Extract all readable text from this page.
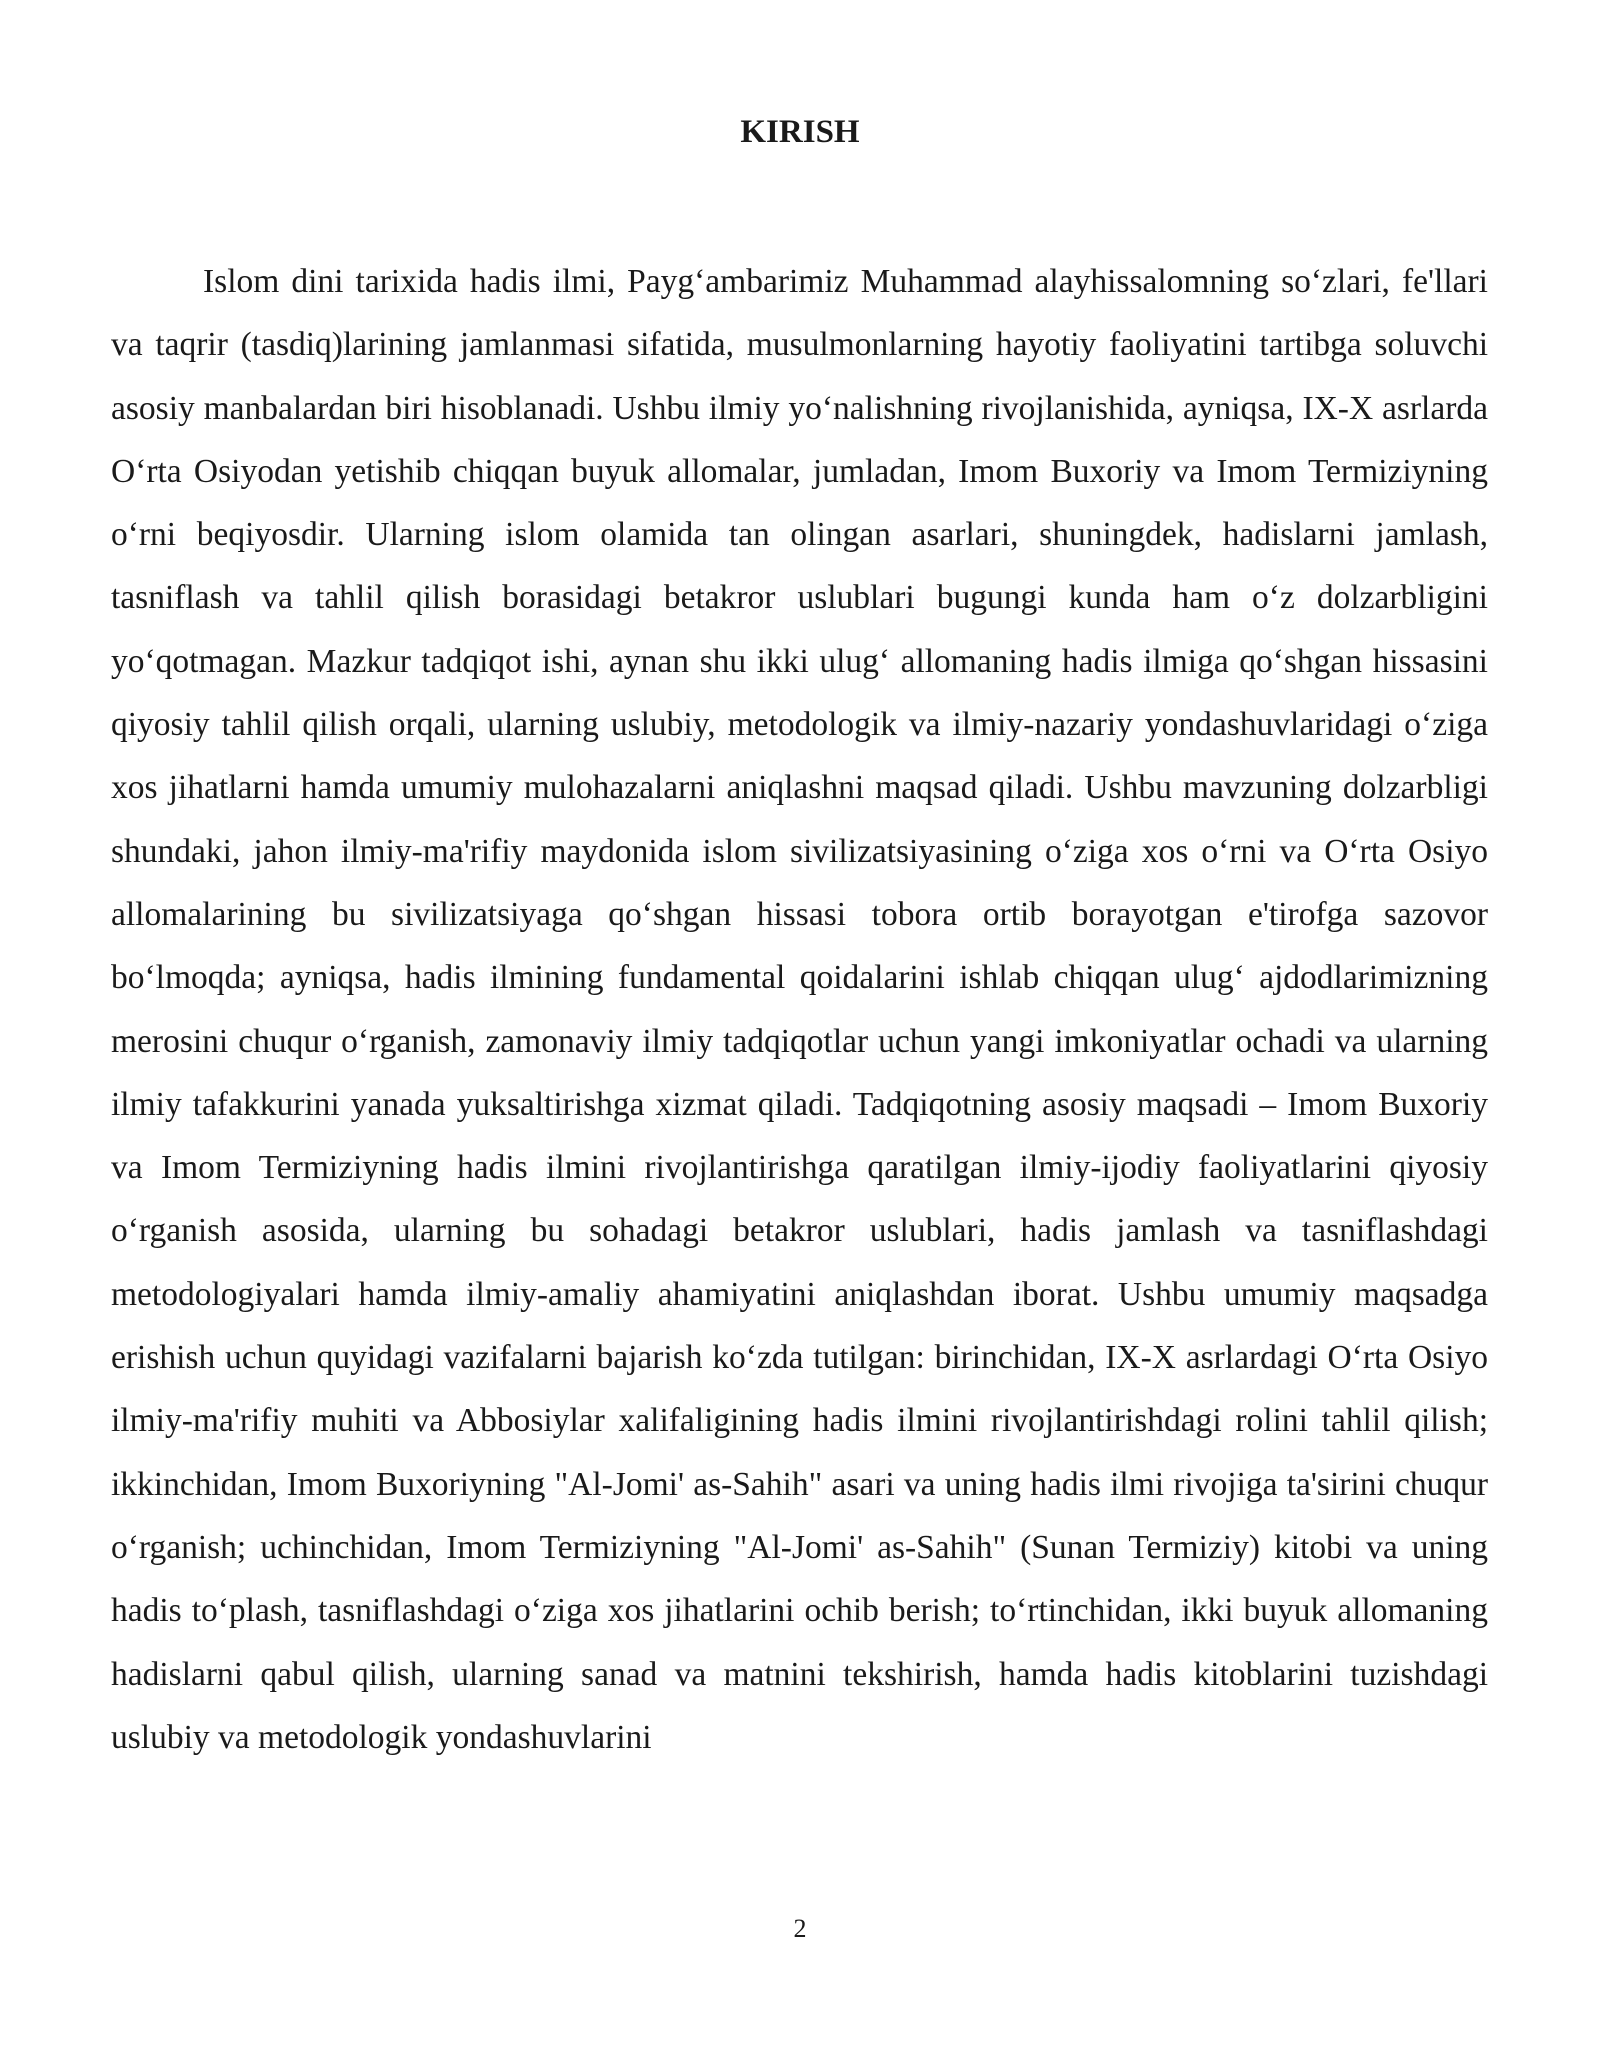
KIRISH

Islom dini tarixida hadis ilmi, Payg‘ambarimiz Muhammad alayhissalomning so‘zlari, fe'llari va taqrir (tasdiq)larining jamlanmasi sifatida, musulmonlarning hayotiy faoliyatini tartibga soluvchi asosiy manbalardan biri hisoblanadi. Ushbu ilmiy yo‘nalishning rivojlanishida, ayniqsa, IX-X asrlarda O‘rta Osiyodan yetishib chiqqan buyuk allomalar, jumladan, Imom Buxoriy va Imom Termiziyning o‘rni beqiyosdir. Ularning islom olamida tan olingan asarlari, shuningdek, hadislarni jamlash, tasniflash va tahlil qilish borasidagi betakror uslublari bugungi kunda ham o‘z dolzarbligini yo‘qotmagan. Mazkur tadqiqot ishi, aynan shu ikki ulug‘ allomaning hadis ilmiga qo‘shgan hissasini qiyosiy tahlil qilish orqali, ularning uslubiy, metodologik va ilmiy-nazariy yondashuvlaridagi o‘ziga xos jihatlarni hamda umumiy mulohazalarni aniqlashni maqsad qiladi. Ushbu mavzuning dolzarbligi shundaki, jahon ilmiy-ma'rifiy maydonida islom sivilizatsiyasining o‘ziga xos o‘rni va O‘rta Osiyo allomalarining bu sivilizatsiyaga qo‘shgan hissasi tobora ortib borayotgan e'tirofga sazovor bo‘lmoqda; ayniqsa, hadis ilmining fundamental qoidalarini ishlab chiqqan ulug‘ ajdodlarimizning merosini chuqur o‘rganish, zamonaviy ilmiy tadqiqotlar uchun yangi imkoniyatlar ochadi va ularning ilmiy tafakkurini yanada yuksaltirishga xizmat qiladi. Tadqiqotning asosiy maqsadi – Imom Buxoriy va Imom Termiziyning hadis ilmini rivojlantirishga qaratilgan ilmiy-ijodiy faoliyatlarini qiyosiy o‘rganish asosida, ularning bu sohadagi betakror uslublari, hadis jamlash va tasniflashdagi metodologiyalari hamda ilmiy-amaliy ahamiyatini aniqlashdan iborat. Ushbu umumiy maqsadga erishish uchun quyidagi vazifalarni bajarish ko‘zda tutilgan: birinchidan, IX-X asrlardagi O‘rta Osiyo ilmiy-ma'rifiy muhiti va Abbosiylar xalifaligining hadis ilmini rivojlantirishdagi rolini tahlil qilish; ikkinchidan, Imom Buxoriyning "Al-Jomi' as-Sahih" asari va uning hadis ilmi rivojiga ta'sirini chuqur o‘rganish; uchinchidan, Imom Termiziyning "Al-Jomi' as-Sahih" (Sunan Termiziy) kitobi va uning hadis to‘plash, tasniflashdagi o‘ziga xos jihatlarini ochib berish; to‘rtinchidan, ikki buyuk allomaning hadislarni qabul qilish, ularning sanad va matnini tekshirish, hamda hadis kitoblarini tuzishdagi uslubiy va metodologik yondashuvlarini

2
